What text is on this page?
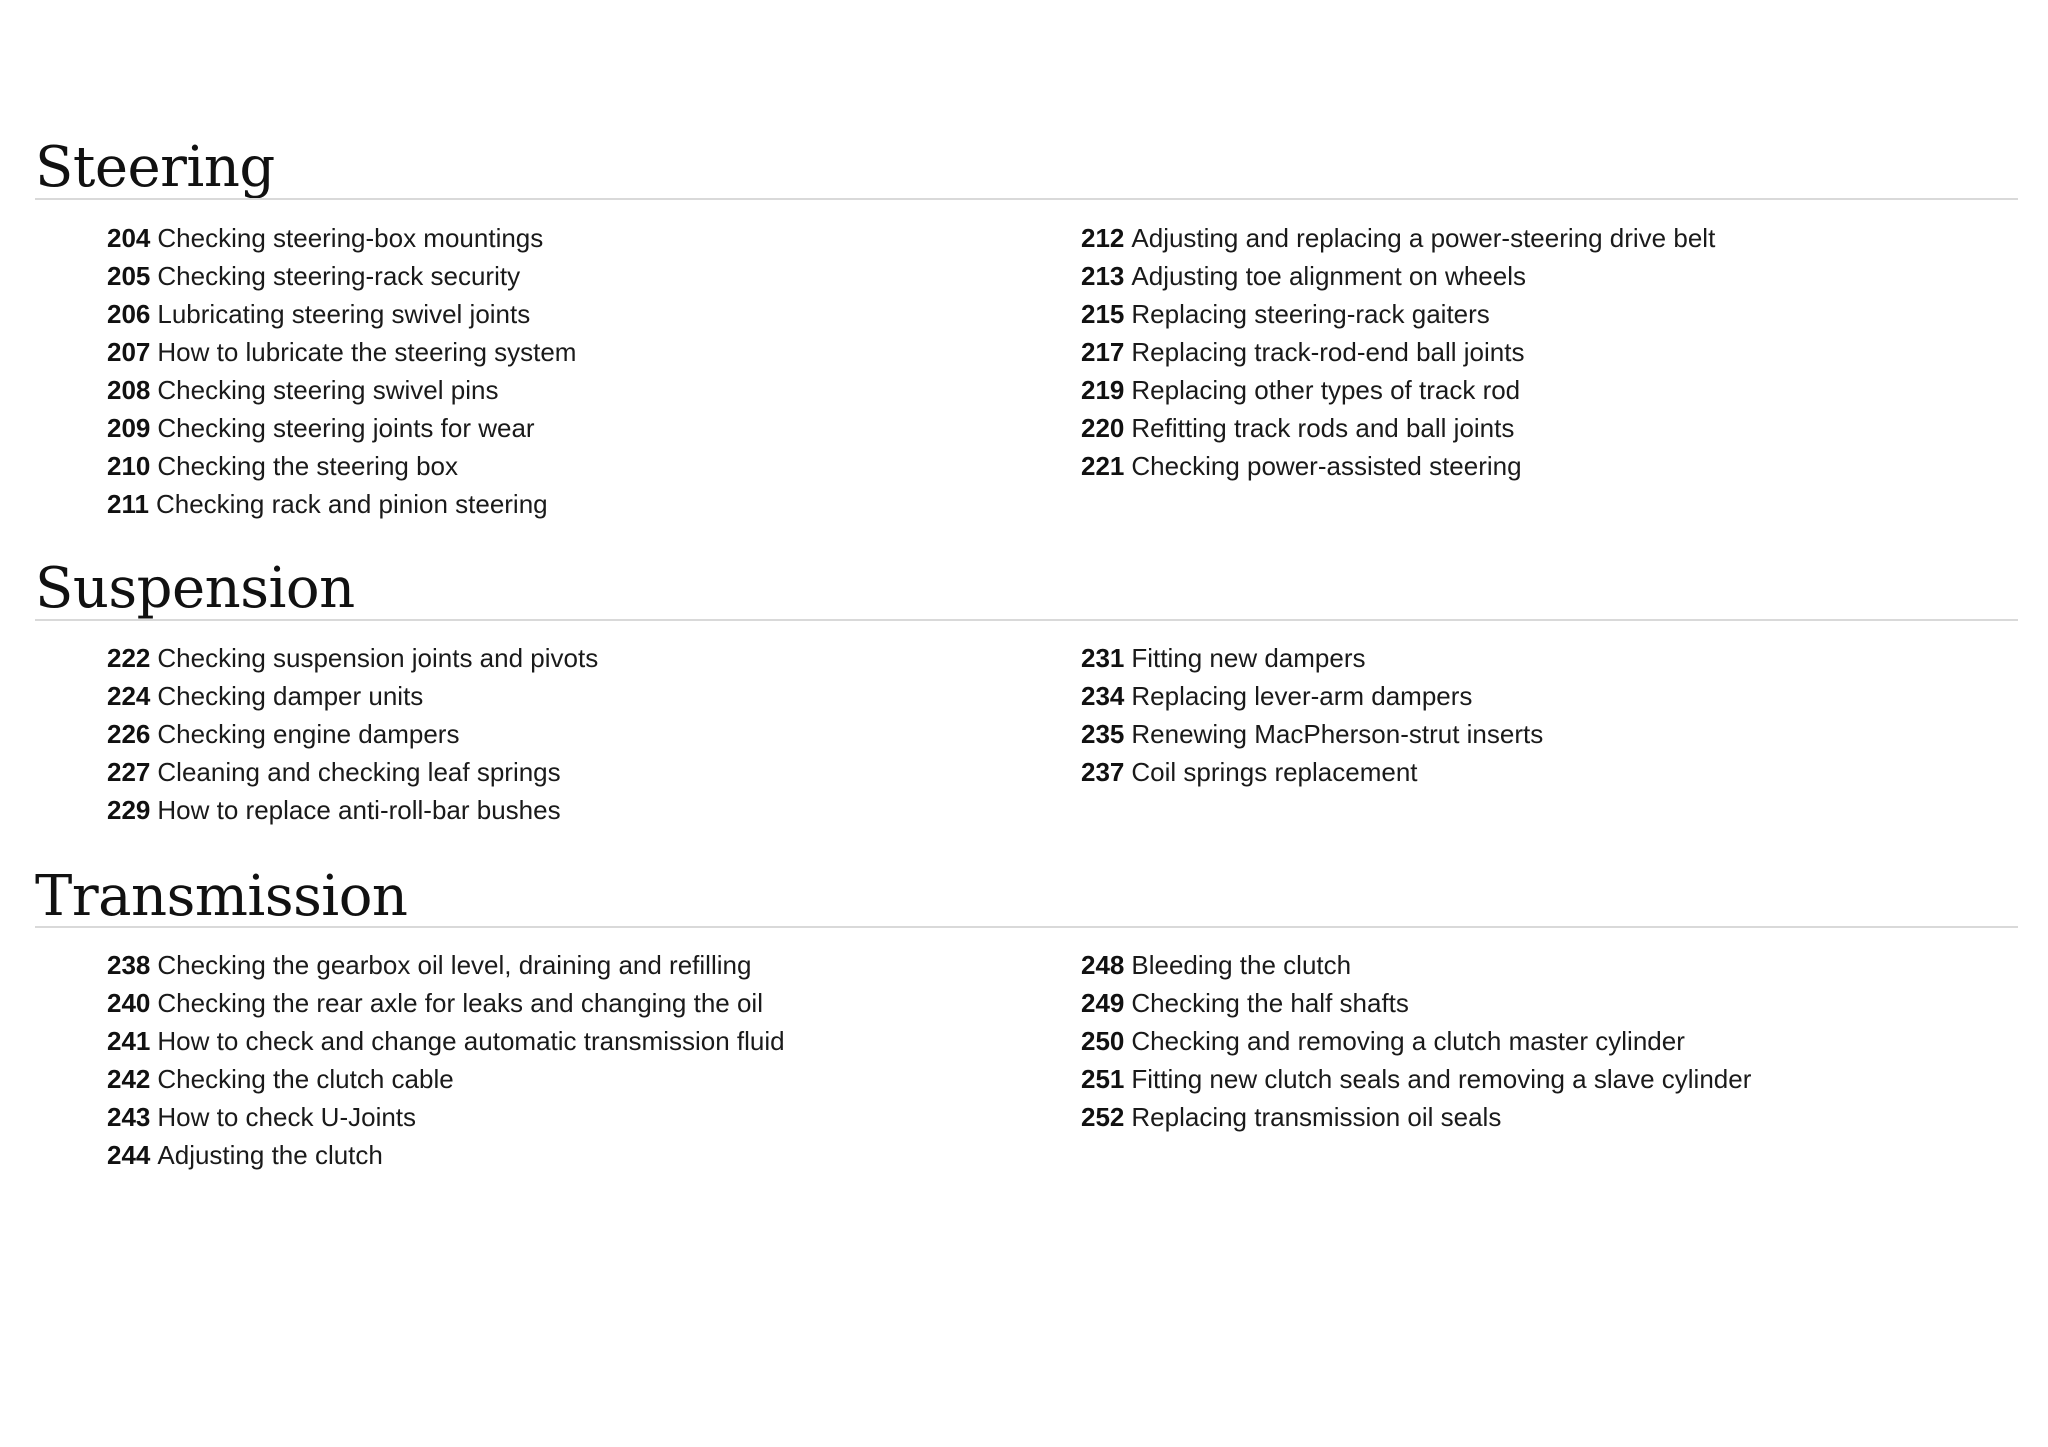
Steering
204 Checking steering-box mountings
205 Checking steering-rack security
206 Lubricating steering swivel joints
207 How to lubricate the steering system
208 Checking steering swivel pins
209 Checking steering joints for wear
210 Checking the steering box
211 Checking rack and pinion steering
212 Adjusting and replacing a power-steering drive belt
213 Adjusting toe alignment on wheels
215 Replacing steering-rack gaiters
217 Replacing track-rod-end ball joints
219 Replacing other types of track rod
220 Refitting track rods and ball joints
221 Checking power-assisted steering
Suspension
222 Checking suspension joints and pivots
224 Checking damper units
226 Checking engine dampers
227 Cleaning and checking leaf springs
229 How to replace anti-roll-bar bushes
231 Fitting new dampers
234 Replacing lever-arm dampers
235 Renewing MacPherson-strut inserts
237 Coil springs replacement
Transmission
238 Checking the gearbox oil level, draining and refilling
240 Checking the rear axle for leaks and changing the oil
241 How to check and change automatic transmission fluid
242 Checking the clutch cable
243 How to check U-Joints
244 Adjusting the clutch
248 Bleeding the clutch
249 Checking the half shafts
250 Checking and removing a clutch master cylinder
251 Fitting new clutch seals and removing a slave cylinder
252 Replacing transmission oil seals
